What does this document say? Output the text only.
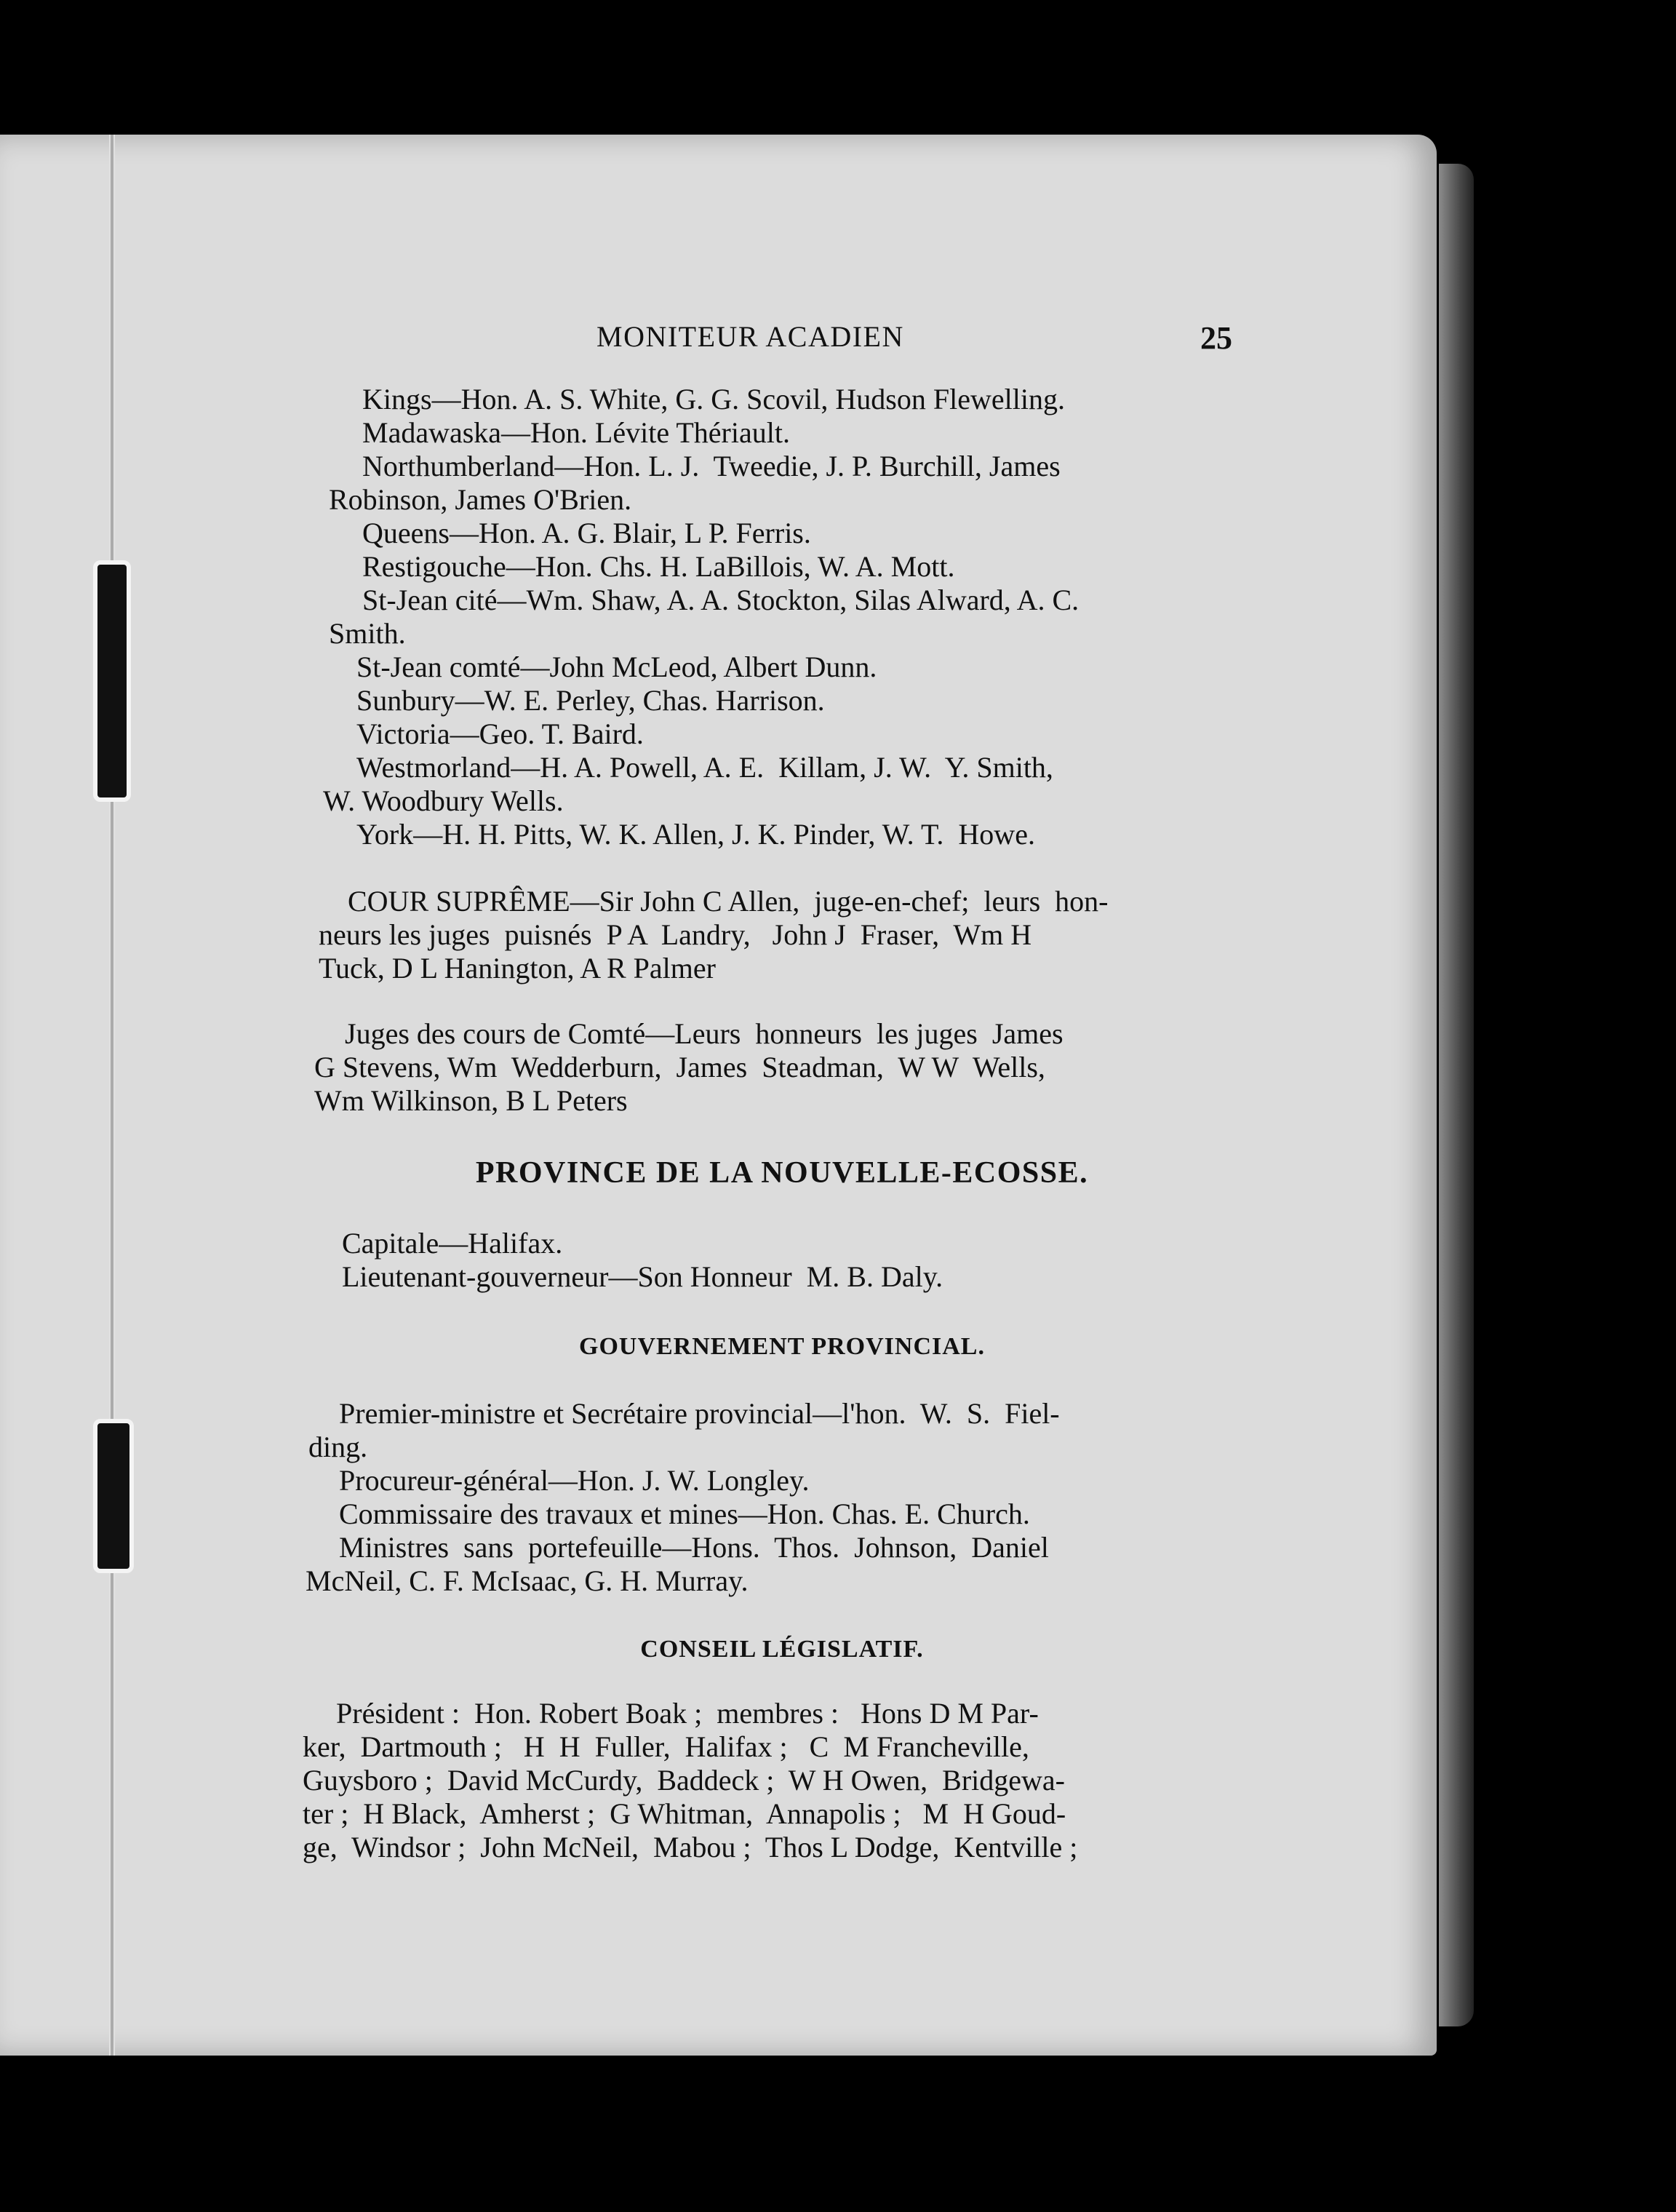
MONITEUR ACADIEN	25

Kings—Hon. A. S. White, G. G. Scovil, Hudson Flewelling.

Madawaska—Hon. Lévite Thériault.

Northumberland—Hon. L. J.  Tweedie, J. P. Burchill, James

Robinson, James O'Brien.

Queens—Hon. A. G. Blair, L P. Ferris.

Restigouche—Hon. Chs. H. LaBillois, W. A. Mott.

St-Jean cité—Wm. Shaw, A. A. Stockton, Silas Alward, A. C.

Smith.

St-Jean comté—John McLeod, Albert Dunn.

Sunbury—W. E. Perley, Chas. Harrison.

Victoria—Geo. T. Baird.

Westmorland—H. A. Powell, A. E.  Killam, J. W.  Y. Smith,

W. Woodbury Wells.

York—H. H. Pitts, W. K. Allen, J. K. Pinder, W. T.  Howe.

COUR SUPRÊME—Sir John C Allen,  juge-en-chef;  leurs  hon-

neurs les juges  puisnés  P A  Landry,   John J  Fraser,  Wm H

Tuck, D L Hanington, A R Palmer

Juges des cours de Comté—Leurs  honneurs  les juges  James

G Stevens, Wm  Wedderburn,  James  Steadman,  W W  Wells,

Wm Wilkinson, B L Peters

PROVINCE DE LA NOUVELLE-ECOSSE.

Capitale—Halifax.

Lieutenant-gouverneur—Son Honneur  M. B. Daly.

GOUVERNEMENT PROVINCIAL.

Premier-ministre et Secrétaire provincial—l'hon.  W.  S.  Fiel-

ding.

Procureur-général—Hon. J. W. Longley.

Commissaire des travaux et mines—Hon. Chas. E. Church.

Ministres  sans  portefeuille—Hons.  Thos.  Johnson,  Daniel

McNeil, C. F. McIsaac, G. H. Murray.

CONSEIL LÉGISLATIF.

Président :  Hon. Robert Boak ;  membres :   Hons D M Par-

ker,  Dartmouth ;   H  H  Fuller,  Halifax ;   C  M Francheville,

Guysboro ;  David McCurdy,  Baddeck ;  W H Owen,  Bridgewa-

ter ;  H Black,  Amherst ;  G Whitman,  Annapolis ;   M  H Goud-

ge,  Windsor ;  John McNeil,  Mabou ;  Thos L Dodge,  Kentville ;
